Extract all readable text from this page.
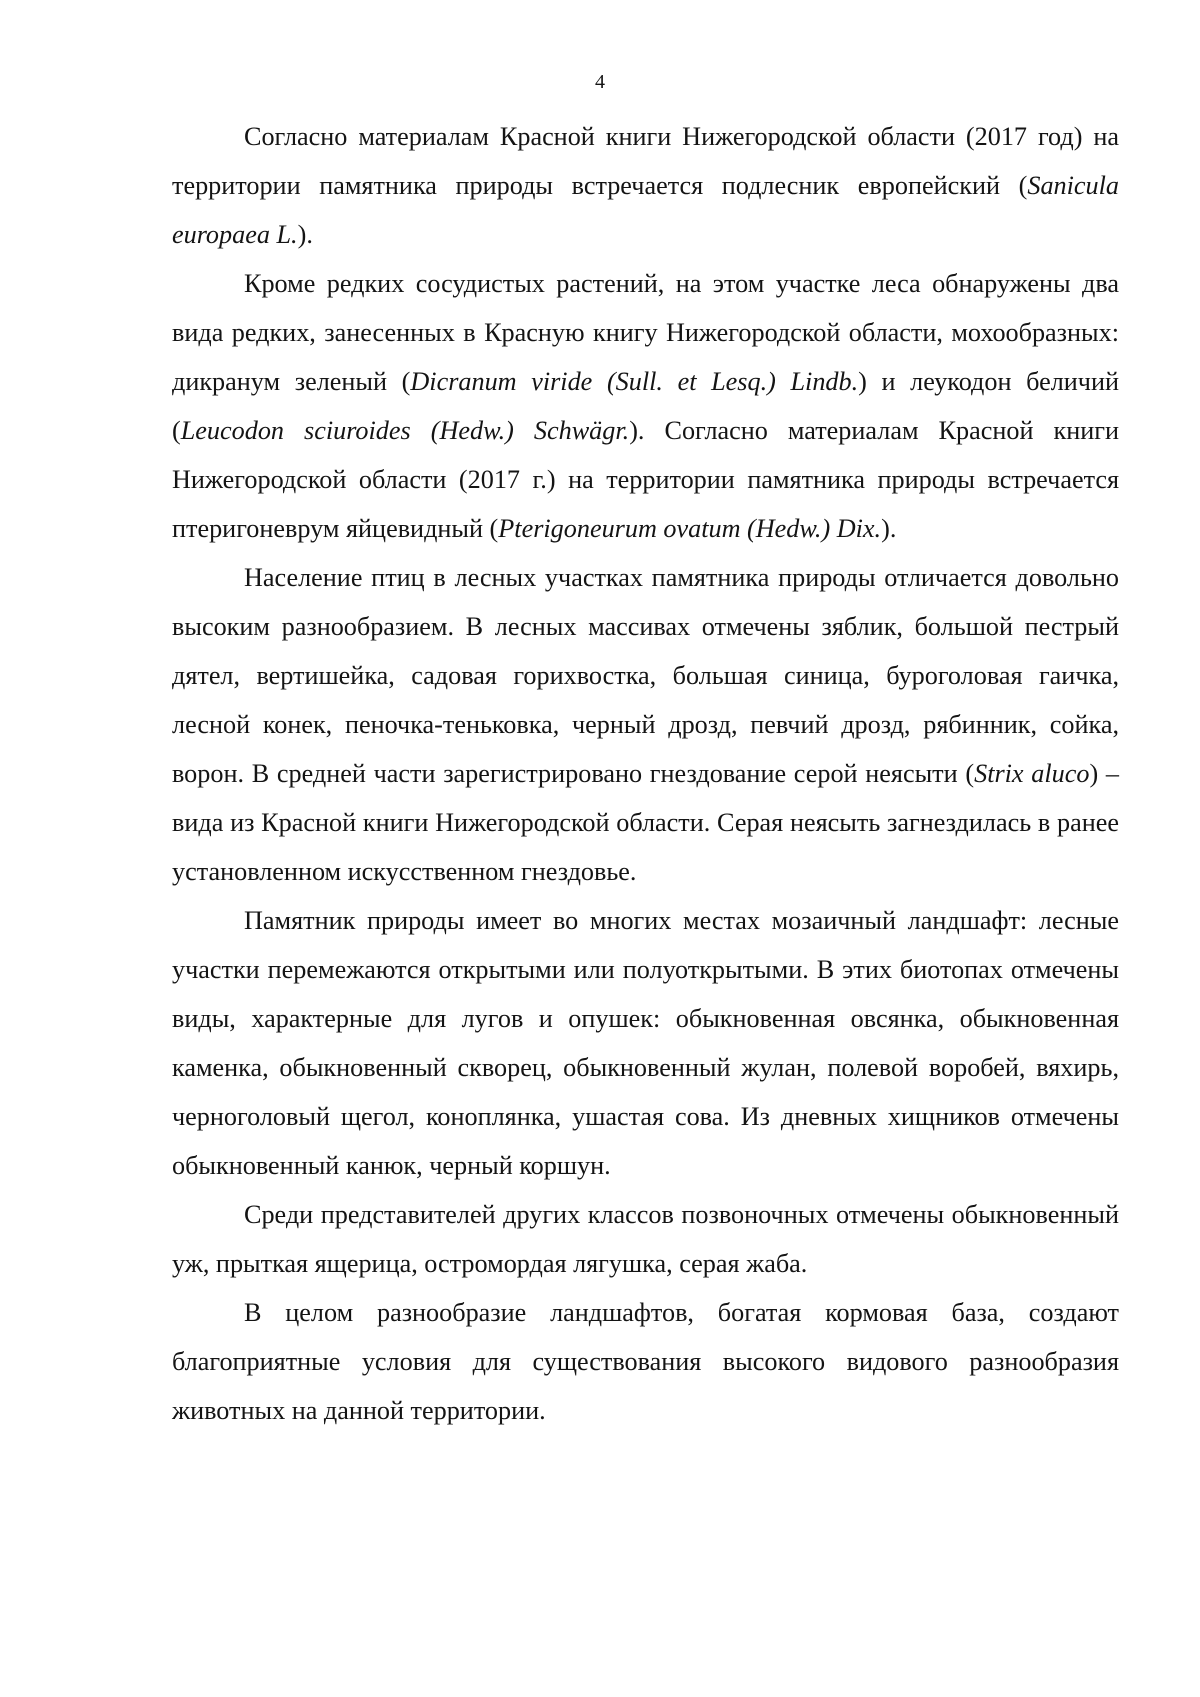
4

Согласно материалам Красной книги Нижегородской области (2017 год) на территории памятника природы встречается подлесник европейский (Sanicula europaea L.).

Кроме редких сосудистых растений, на этом участке леса обнаружены два вида редких, занесенных в Красную книгу Нижегородской области, мохообразных: дикранум зеленый (Dicranum viride (Sull. et Lesq.) Lindb.) и леукодон беличий (Leucodon sciuroides (Hedw.) Schwägr.). Согласно материалам Красной книги Нижегородской области (2017 г.) на территории памятника природы встречается птеригоневрум яйцевидный (Pterigoneurum ovatum (Hedw.) Dix.).

Население птиц в лесных участках памятника природы отличается довольно высоким разнообразием. В лесных массивах отмечены зяблик, большой пестрый дятел, вертишейка, садовая горихвостка, большая синица, буроголовая гаичка, лесной конек, пеночка-теньковка, черный дрозд, певчий дрозд, рябинник, сойка, ворон. В средней части зарегистрировано гнездование серой неясыти (Strix aluco) – вида из Красной книги Нижегородской области. Серая неясыть загнездилась в ранее установленном искусственном гнездовье.

Памятник природы имеет во многих местах мозаичный ландшафт: лесные участки перемежаются открытыми или полуоткрытыми. В этих биотопах отмечены виды, характерные для лугов и опушек: обыкновенная овсянка, обыкновенная каменка, обыкновенный скворец, обыкновенный жулан, полевой воробей, вяхирь, черноголовый щегол, коноплянка, ушастая сова. Из дневных хищников отмечены обыкновенный канюк, черный коршун.

Среди представителей других классов позвоночных отмечены обыкновенный уж, прыткая ящерица, остромордая лягушка, серая жаба.

В целом разнообразие ландшафтов, богатая кормовая база, создают благоприятные условия для существования высокого видового разнообразия животных на данной территории.
